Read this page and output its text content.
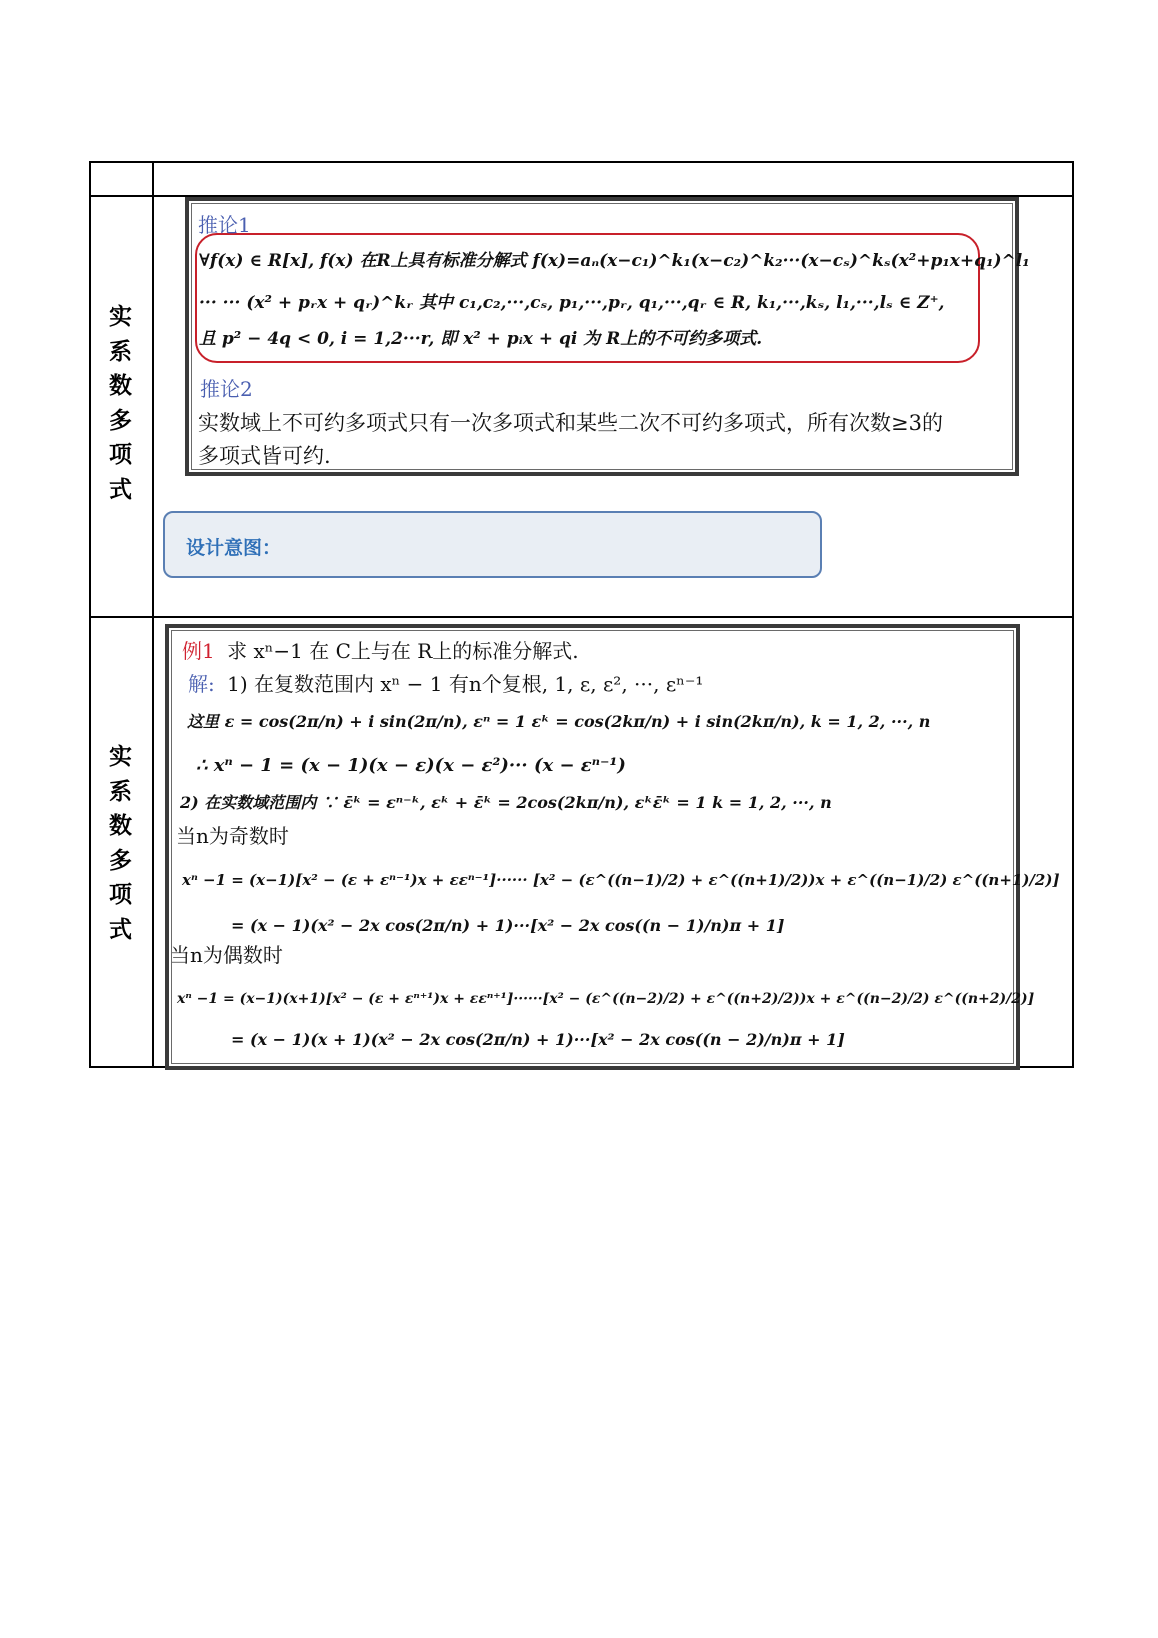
实
系
数
多
项
式
实
系
数
多
项
式
推论1
∀f(x) ∈ R[x], f(x) 在R上具有标准分解式 f(x)=aₙ(x−c₁)^k₁(x−c₂)^k₂···(x−cₛ)^kₛ(x²+p₁x+q₁)^l₁
··· ··· (x² + pᵣx + qᵣ)^kᵣ 其中 c₁,c₂,···,cₛ, p₁,···,pᵣ, q₁,···,qᵣ ∈ R, k₁,···,kₛ, l₁,···,lₛ ∈ Z⁺,
且 p² − 4q < 0, i = 1,2···r, 即 x² + pᵢx + qi 为 R上的不可约多项式.
推论2
实数域上不可约多项式只有一次多项式和某些二次不可约多项式，所有次数≥3的
多项式皆可约.
设计意图：
例1 求 xⁿ−1 在 C上与在 R上的标准分解式.
解: 1) 在复数范围内 xⁿ − 1 有n个复根, 1, ε, ε², ···, εⁿ⁻¹
这里 ε = cos(2π/n) + i sin(2π/n), εⁿ = 1 εᵏ = cos(2kπ/n) + i sin(2kπ/n), k = 1, 2, ···, n
∴ xⁿ − 1 = (x − 1)(x − ε)(x − ε²)··· (x − εⁿ⁻¹)
2) 在实数域范围内 ∵ ε̄ᵏ = εⁿ⁻ᵏ, εᵏ + ε̄ᵏ = 2cos(2kπ/n), εᵏε̄ᵏ = 1 k = 1, 2, ···, n
当n为奇数时
xⁿ −1 = (x−1)[x² − (ε + εⁿ⁻¹)x + εεⁿ⁻¹]······ [x² − (ε^((n−1)/2) + ε^((n+1)/2))x + ε^((n−1)/2) ε^((n+1)/2)]
= (x − 1)(x² − 2x cos(2π/n) + 1)···[x² − 2x cos((n − 1)/n)π + 1]
当n为偶数时
xⁿ −1 = (x−1)(x+1)[x² − (ε + εⁿ⁺¹)x + εεⁿ⁺¹]······[x² − (ε^((n−2)/2) + ε^((n+2)/2))x + ε^((n−2)/2) ε^((n+2)/2)]
= (x − 1)(x + 1)(x² − 2x cos(2π/n) + 1)···[x² − 2x cos((n − 2)/n)π + 1]
